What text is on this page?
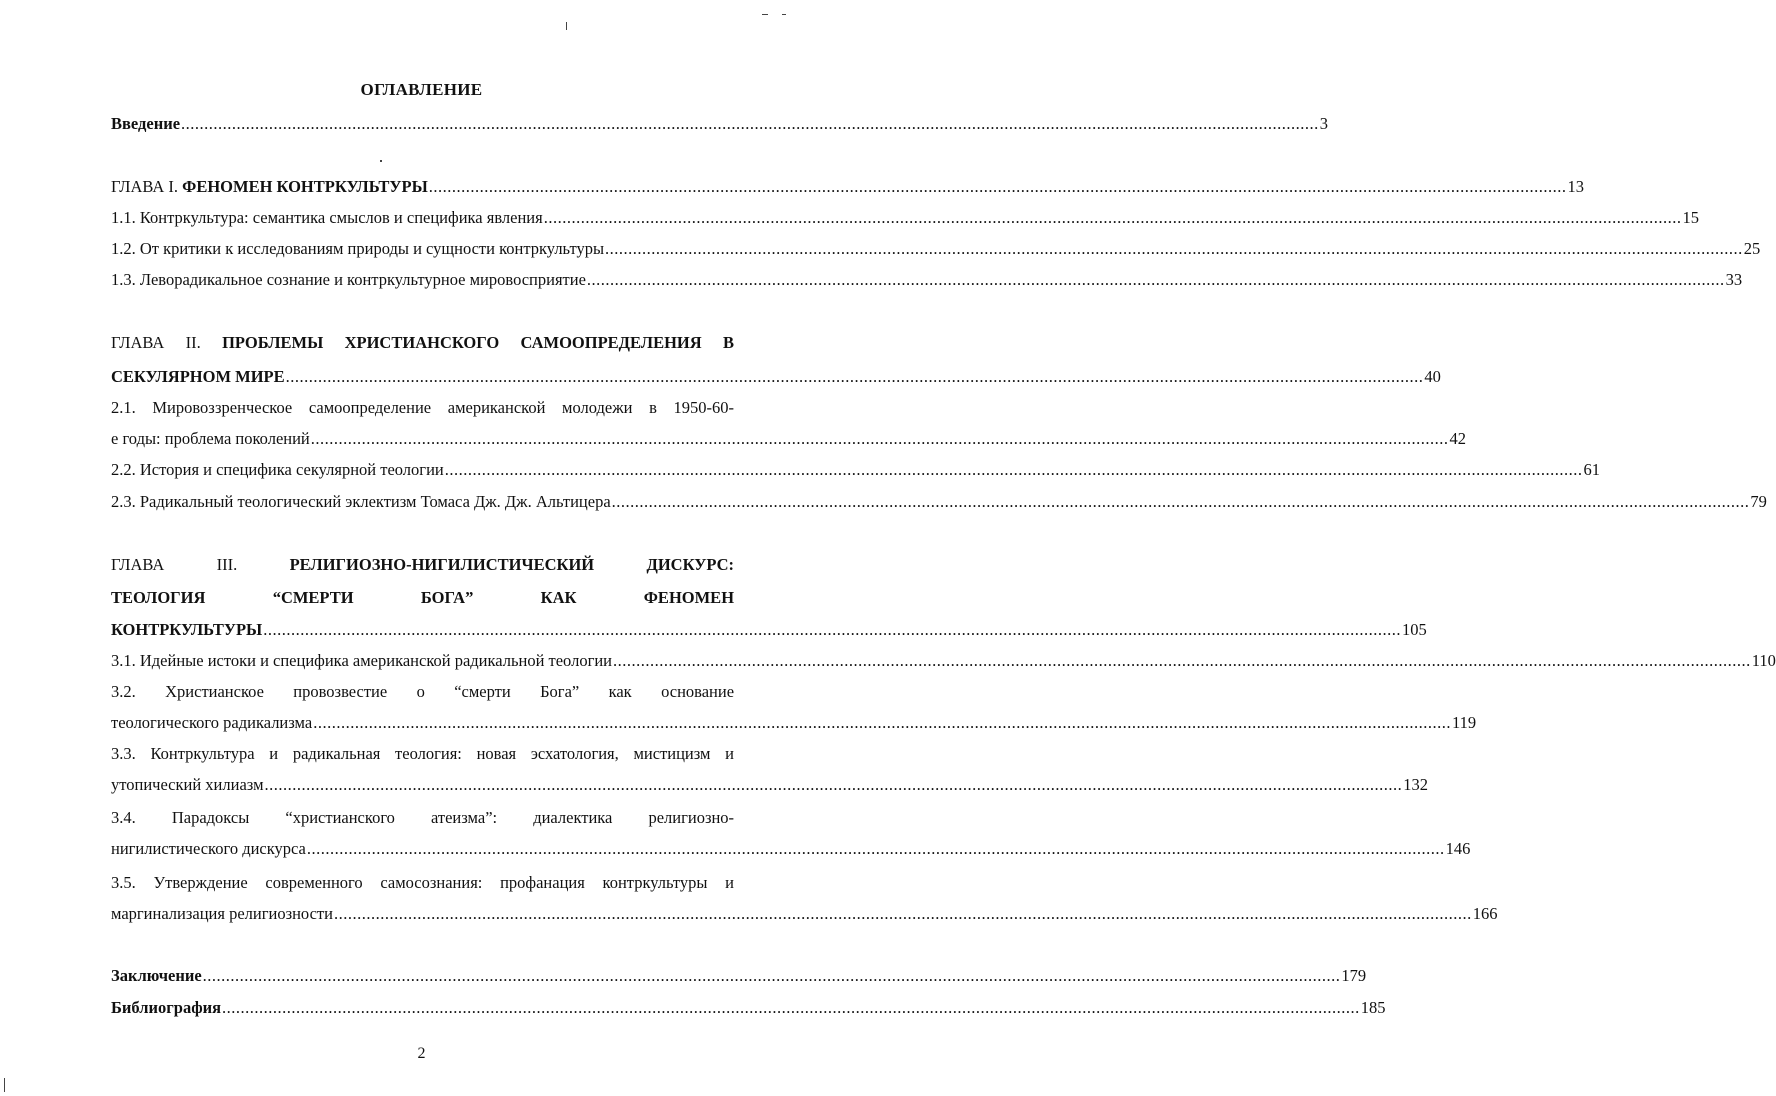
ОГЛАВЛЕНИЕ
Введение .....	3
ГЛАВА I. ФЕНОМЕН КОНТРКУЛЬТУРЫ .....	13
1.1. Контркультура: семантика смыслов и специфика явления .....	15
1.2. От критики к исследованиям природы и сущности контркультуры .....	25
1.3. Леворадикальное сознание и контркультурное мировосприятие .....	33
ГЛАВА II. ПРОБЛЕМЫ ХРИСТИАНСКОГО САМООПРЕДЕЛЕНИЯ В
СЕКУЛЯРНОМ МИРЕ .....	40
2.1. Мировоззренческое самоопределение американской молодежи в 1950-60-
е годы: проблема поколений .....	42
2.2. История и специфика секулярной теологии .....	61
2.3. Радикальный теологический эклектизм Томаса Дж. Дж. Альтицера .....	79
ГЛАВА	III.	РЕЛИГИОЗНО-НИГИЛИСТИЧЕСКИЙ	ДИСКУРС:
ТЕОЛОГИЯ	“СМЕРТИ	БОГА”	КАК	ФЕНОМЕН
КОНТРКУЛЬТУРЫ .....	105
3.1. Идейные истоки и специфика американской радикальной теологии .....	110
3.2. Христианское провозвестие о “смерти Бога” как основание
теологического радикализма .....	119
3.3. Контркультура и радикальная теология: новая эсхатология, мистицизм и
утопический хилиазм .....	132
3.4. Парадоксы “христианского атеизма”: диалектика религиозно-
нигилистического дискурса .....	146
3.5. Утверждение современного самосознания: профанация контркультуры и
маргинализация религиозности .....	166
Заключение .....	179
Библиография .....	185
2
